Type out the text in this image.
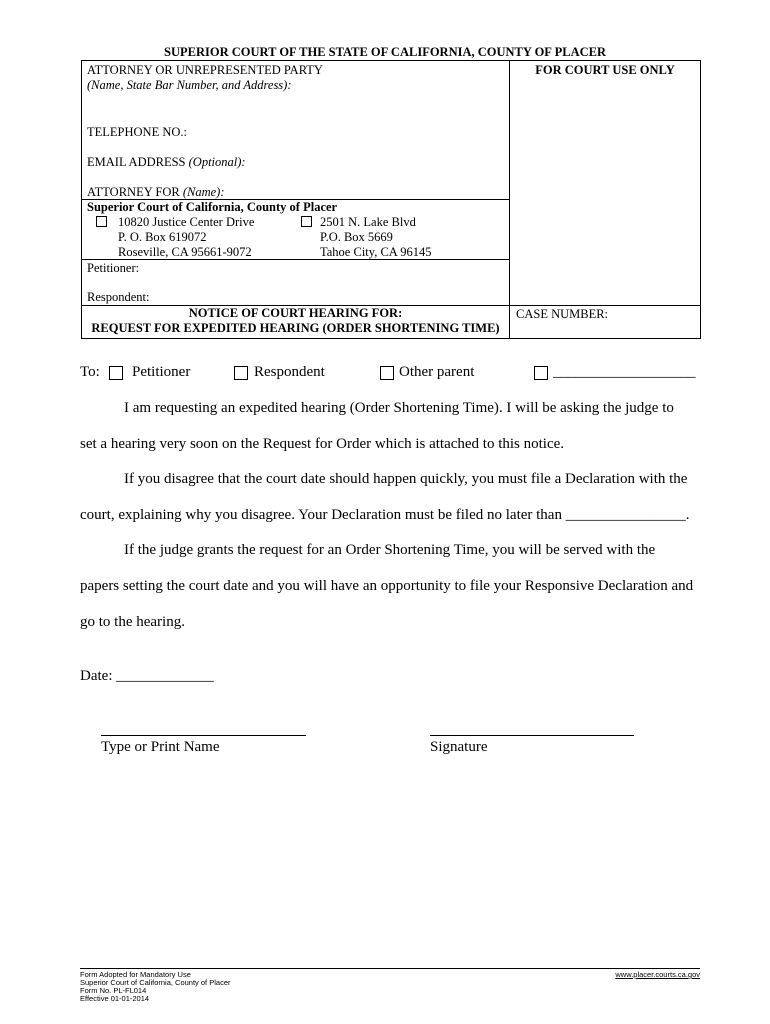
SUPERIOR COURT OF THE STATE OF CALIFORNIA, COUNTY OF PLACER
ATTORNEY OR UNREPRESENTED PARTY
(Name, State Bar Number, and Address):
FOR COURT USE ONLY
TELEPHONE NO.:
EMAIL ADDRESS (Optional):
ATTORNEY FOR (Name):
Superior Court of California, County of Placer
10820 Justice Center Drive
P. O. Box 619072
Roseville, CA 95661-9072
2501 N. Lake Blvd
P.O. Box 5669
Tahoe City, CA 96145
Petitioner:
Respondent:
NOTICE OF COURT HEARING FOR:
REQUEST FOR EXPEDITED HEARING (ORDER SHORTENING TIME)
CASE NUMBER:
To: Petitioner	Respondent	Other parent	___________________
I am requesting an expedited hearing (Order Shortening Time). I will be asking the judge to
set a hearing very soon on the Request for Order which is attached to this notice.
If you disagree that the court date should happen quickly, you must file a Declaration with the
court, explaining why you disagree. Your Declaration must be filed no later than ________________.
If the judge grants the request for an Order Shortening Time, you will be served with the
papers setting the court date and you will have an opportunity to file your Responsive Declaration and
go to the hearing.
Date: _____________
Type or Print Name	Signature
Form Adopted for Mandatory Use
Superior Court of California, County of Placer
Form No. PL-FL014
Effective 01-01-2014
www.placer.courts.ca.gov
